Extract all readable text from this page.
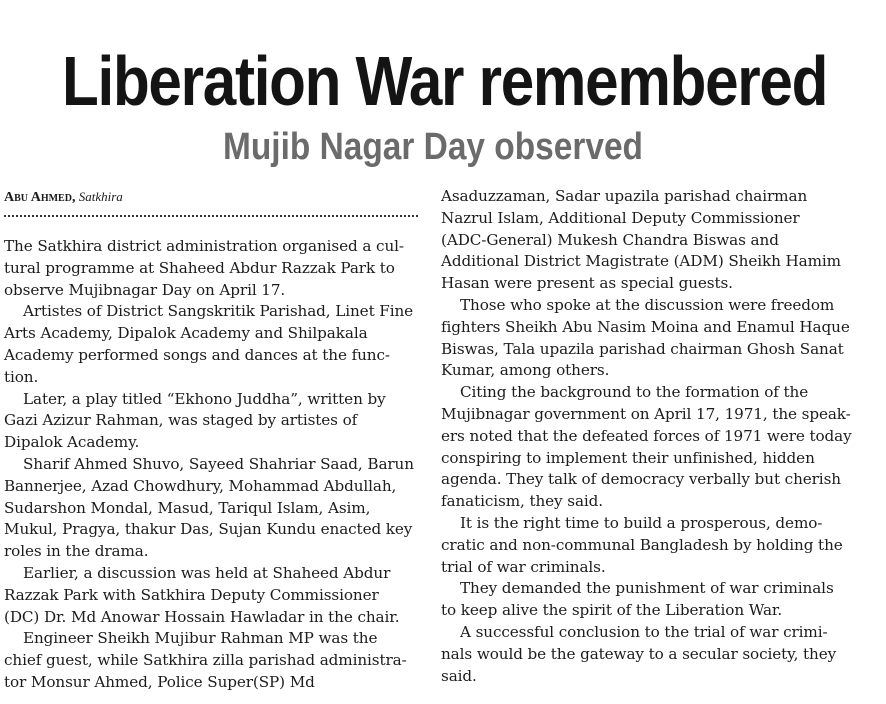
Liberation War remembered
Mujib Nagar Day observed
Abu Ahmed, Satkhira
The Satkhira district administration organised a cul-
tural programme at Shaheed Abdur Razzak Park to
observe Mujibnagar Day on April 17.
Artistes of District Sangskritik Parishad, Linet Fine
Arts Academy, Dipalok Academy and Shilpakala
Academy performed songs and dances at the func-
tion.
Later, a play titled “Ekhono Juddha”, written by
Gazi Azizur Rahman, was staged by artistes of
Dipalok Academy.
Sharif Ahmed Shuvo, Sayeed Shahriar Saad, Barun
Bannerjee, Azad Chowdhury, Mohammad Abdullah,
Sudarshon Mondal, Masud, Tariqul Islam, Asim,
Mukul, Pragya, thakur Das, Sujan Kundu enacted key
roles in the drama.
Earlier, a discussion was held at Shaheed Abdur
Razzak Park with Satkhira Deputy Commissioner
(DC) Dr. Md Anowar Hossain Hawladar in the chair.
Engineer Sheikh Mujibur Rahman MP was the
chief guest, while Satkhira zilla parishad administra-
tor Monsur Ahmed, Police Super(SP) Md
Asaduzzaman, Sadar upazila parishad chairman
Nazrul Islam, Additional Deputy Commissioner
(ADC-General) Mukesh Chandra Biswas and
Additional District Magistrate (ADM) Sheikh Hamim
Hasan were present as special guests.
Those who spoke at the discussion were freedom
fighters Sheikh Abu Nasim Moina and Enamul Haque
Biswas, Tala upazila parishad chairman Ghosh Sanat
Kumar, among others.
Citing the background to the formation of the
Mujibnagar government on April 17, 1971, the speak-
ers noted that the defeated forces of 1971 were today
conspiring to implement their unfinished, hidden
agenda. They talk of democracy verbally but cherish
fanaticism, they said.
It is the right time to build a prosperous, demo-
cratic and non-communal Bangladesh by holding the
trial of war criminals.
They demanded the punishment of war criminals
to keep alive the spirit of the Liberation War.
A successful conclusion to the trial of war crimi-
nals would be the gateway to a secular society, they
said.
